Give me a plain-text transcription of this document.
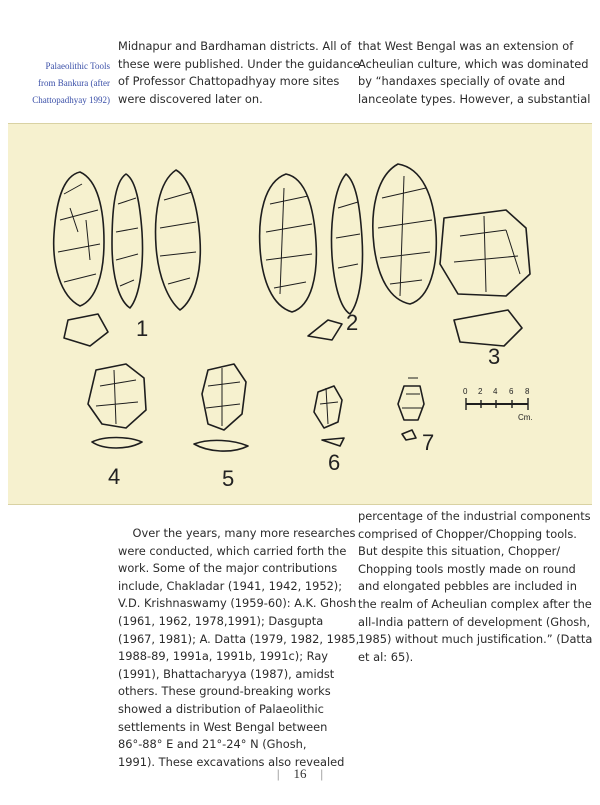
Palaeolithic Tools
from Bankura (after
Chattopadhyay 1992)
Midnapur and Bardhaman districts. All of
these were published. Under the guidance
of Professor Chattopadhyay more sites
were discovered later on.
that West Bengal was an extension of
Acheulian culture, which was dominated
by “handaxes specially of ovate and
lanceolate types. However, a substantial
1	2
3
4	5
6
7
0 2 4 6 8
Cm.
Over the years, many more researches
were conducted, which carried forth the
work. Some of the major contributions
include, Chakladar (1941, 1942, 1952);
V.D. Krishnaswamy (1959-60): A.K. Ghosh
(1961, 1962, 1978,1991); Dasgupta
(1967, 1981); A. Datta (1979, 1982, 1985,
1988-89, 1991a, 1991b, 1991c); Ray
(1991), Bhattacharyya (1987), amidst
others. These ground-breaking works
showed a distribution of Palaeolithic
settlements in West Bengal between
86°-88° E and 21°-24° N (Ghosh,
1991). These excavations also revealed
percentage of the industrial components
comprised of Chopper/Chopping tools.
But despite this situation, Chopper/
Chopping tools mostly made on round
and elongated pebbles are included in
the realm of Acheulian complex after the
all-India pattern of development (Ghosh,
1985) without much justification.” (Datta
et al: 65).
| 16 |
